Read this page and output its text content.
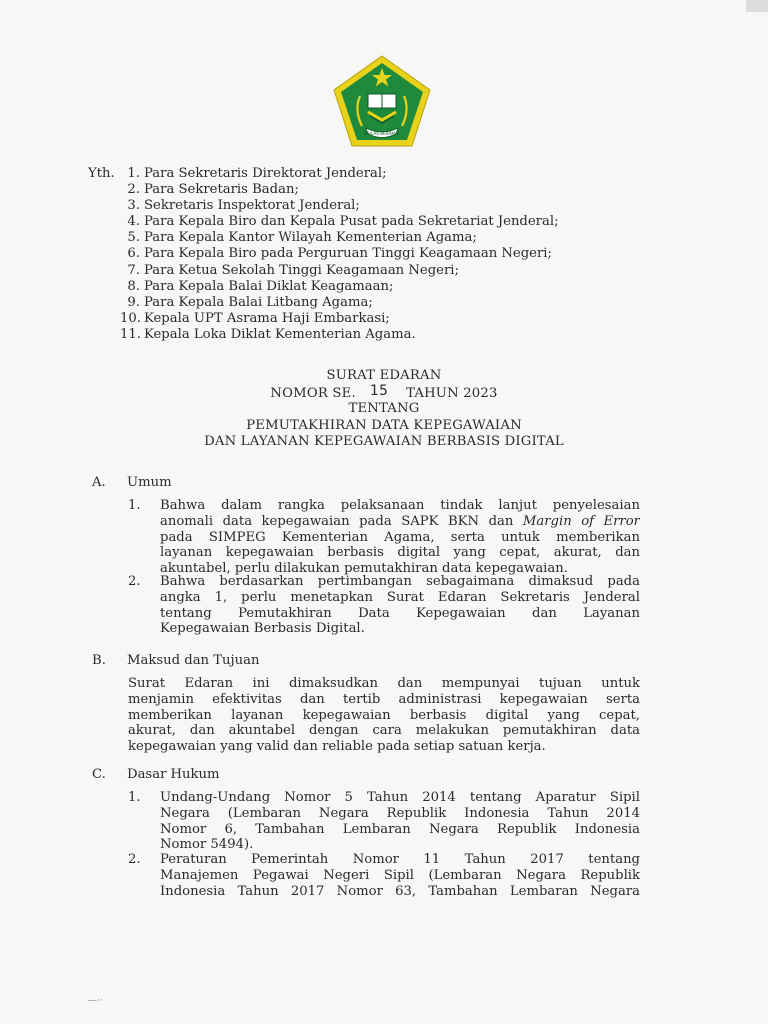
IKHLAS BERAMAL
Yth. 1. Para Sekretaris Direktorat Jenderal;
2. Para Sekretaris Badan;
3. Sekretaris Inspektorat Jenderal;
4. Para Kepala Biro dan Kepala Pusat pada Sekretariat Jenderal;
5. Para Kepala Kantor Wilayah Kementerian Agama;
6. Para Kepala Biro pada Perguruan Tinggi Keagamaan Negeri;
7. Para Ketua Sekolah Tinggi Keagamaan Negeri;
8. Para Kepala Balai Diklat Keagamaan;
9. Para Kepala Balai Litbang Agama;
10. Kepala UPT Asrama Haji Embarkasi;
11. Kepala Loka Diklat Kementerian Agama.
SURAT EDARAN
NOMOR SE. 15 TAHUN 2023
TENTANG
PEMUTAKHIRAN DATA KEPEGAWAIAN
DAN LAYANAN KEPEGAWAIAN BERBASIS DIGITAL
A.	Umum
1.	Bahwa dalam rangka pelaksanaan tindak lanjut penyelesaian
anomali data kepegawaian pada SAPK BKN dan Margin of Error
pada SIMPEG Kementerian Agama, serta untuk memberikan
layanan kepegawaian berbasis digital yang cepat, akurat, dan
akuntabel, perlu dilakukan pemutakhiran data kepegawaian.
2.	Bahwa berdasarkan pertimbangan sebagaimana dimaksud pada
angka 1, perlu menetapkan Surat Edaran Sekretaris Jenderal
tentang Pemutakhiran Data Kepegawaian dan Layanan
Kepegawaian Berbasis Digital.
B.	Maksud dan Tujuan
Surat Edaran ini dimaksudkan dan mempunyai tujuan untuk
menjamin efektivitas dan tertib administrasi kepegawaian serta
memberikan layanan kepegawaian berbasis digital yang cepat,
akurat, dan akuntabel dengan cara melakukan pemutakhiran data
kepegawaian yang valid dan reliable pada setiap satuan kerja.
C.	Dasar Hukum
1.	Undang-Undang Nomor 5 Tahun 2014 tentang Aparatur Sipil
Negara (Lembaran Negara Republik Indonesia Tahun 2014
Nomor 6, Tambahan Lembaran Negara Republik Indonesia
Nomor 5494).
2.	Peraturan Pemerintah Nomor 11 Tahun 2017 tentang
Manajemen Pegawai Negeri Sipil (Lembaran Negara Republik
Indonesia Tahun 2017 Nomor 63, Tambahan Lembaran Negara
—··
